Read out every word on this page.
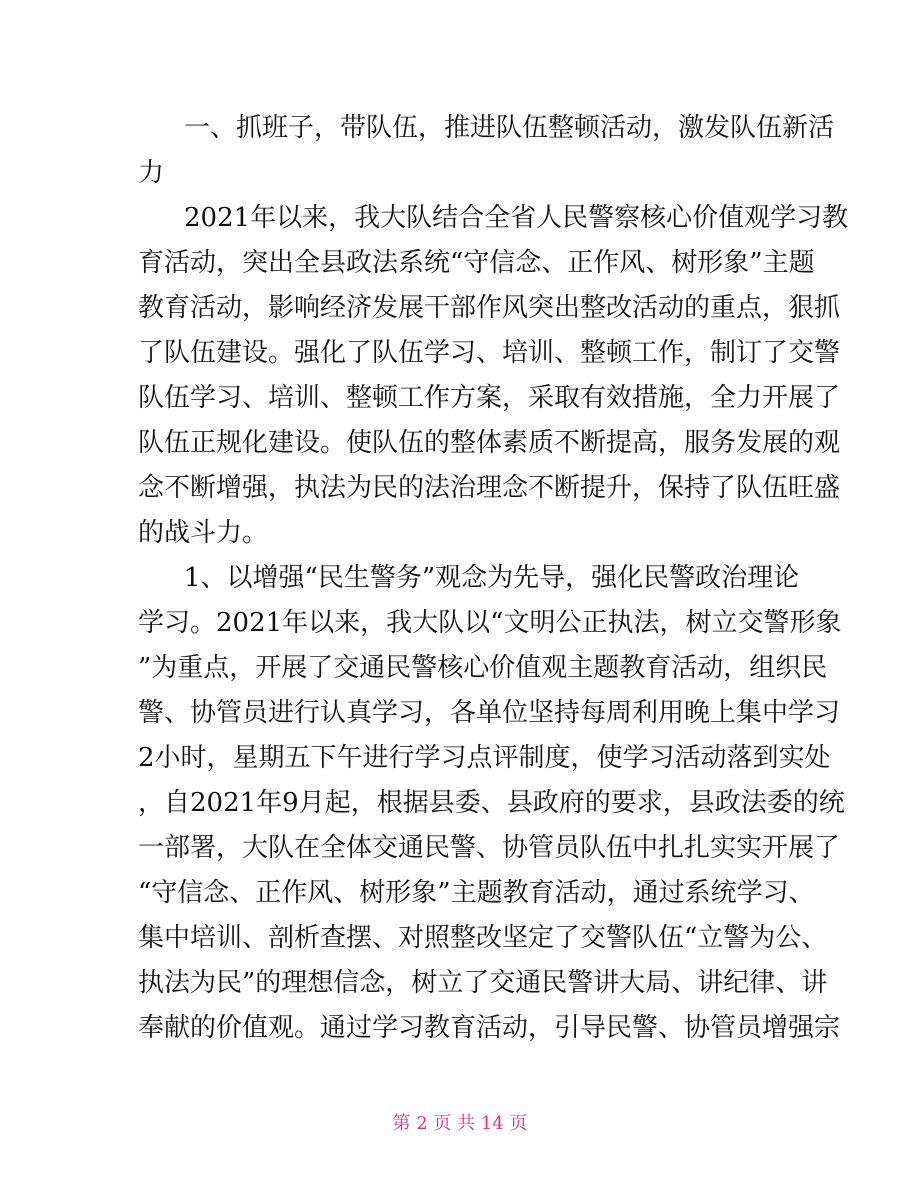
一、抓班子，带队伍，推进队伍整顿活动，激发队伍新活
力
2021年以来，我大队结合全省人民警察核心价值观学习教
育活动，突出全县政法系统“守信念、正作风、树形象”主题
教育活动，影响经济发展干部作风突出整改活动的重点，狠抓
了队伍建设。强化了队伍学习、培训、整顿工作，制订了交警
队伍学习、培训、整顿工作方案，采取有效措施，全力开展了
队伍正规化建设。使队伍的整体素质不断提高，服务发展的观
念不断增强，执法为民的法治理念不断提升，保持了队伍旺盛
的战斗力。
1、以增强“民生警务”观念为先导，强化民警政治理论
学习。2021年以来，我大队以“文明公正执法，树立交警形象
”为重点，开展了交通民警核心价值观主题教育活动，组织民
警、协管员进行认真学习，各单位坚持每周利用晚上集中学习
2小时，星期五下午进行学习点评制度，使学习活动落到实处
，自2021年9月起，根据县委、县政府的要求，县政法委的统
一部署，大队在全体交通民警、协管员队伍中扎扎实实开展了
“守信念、正作风、树形象”主题教育活动，通过系统学习、
集中培训、剖析查摆、对照整改坚定了交警队伍“立警为公、
执法为民”的理想信念，树立了交通民警讲大局、讲纪律、讲
奉献的价值观。通过学习教育活动，引导民警、协管员增强宗
第 2 页 共 14 页
